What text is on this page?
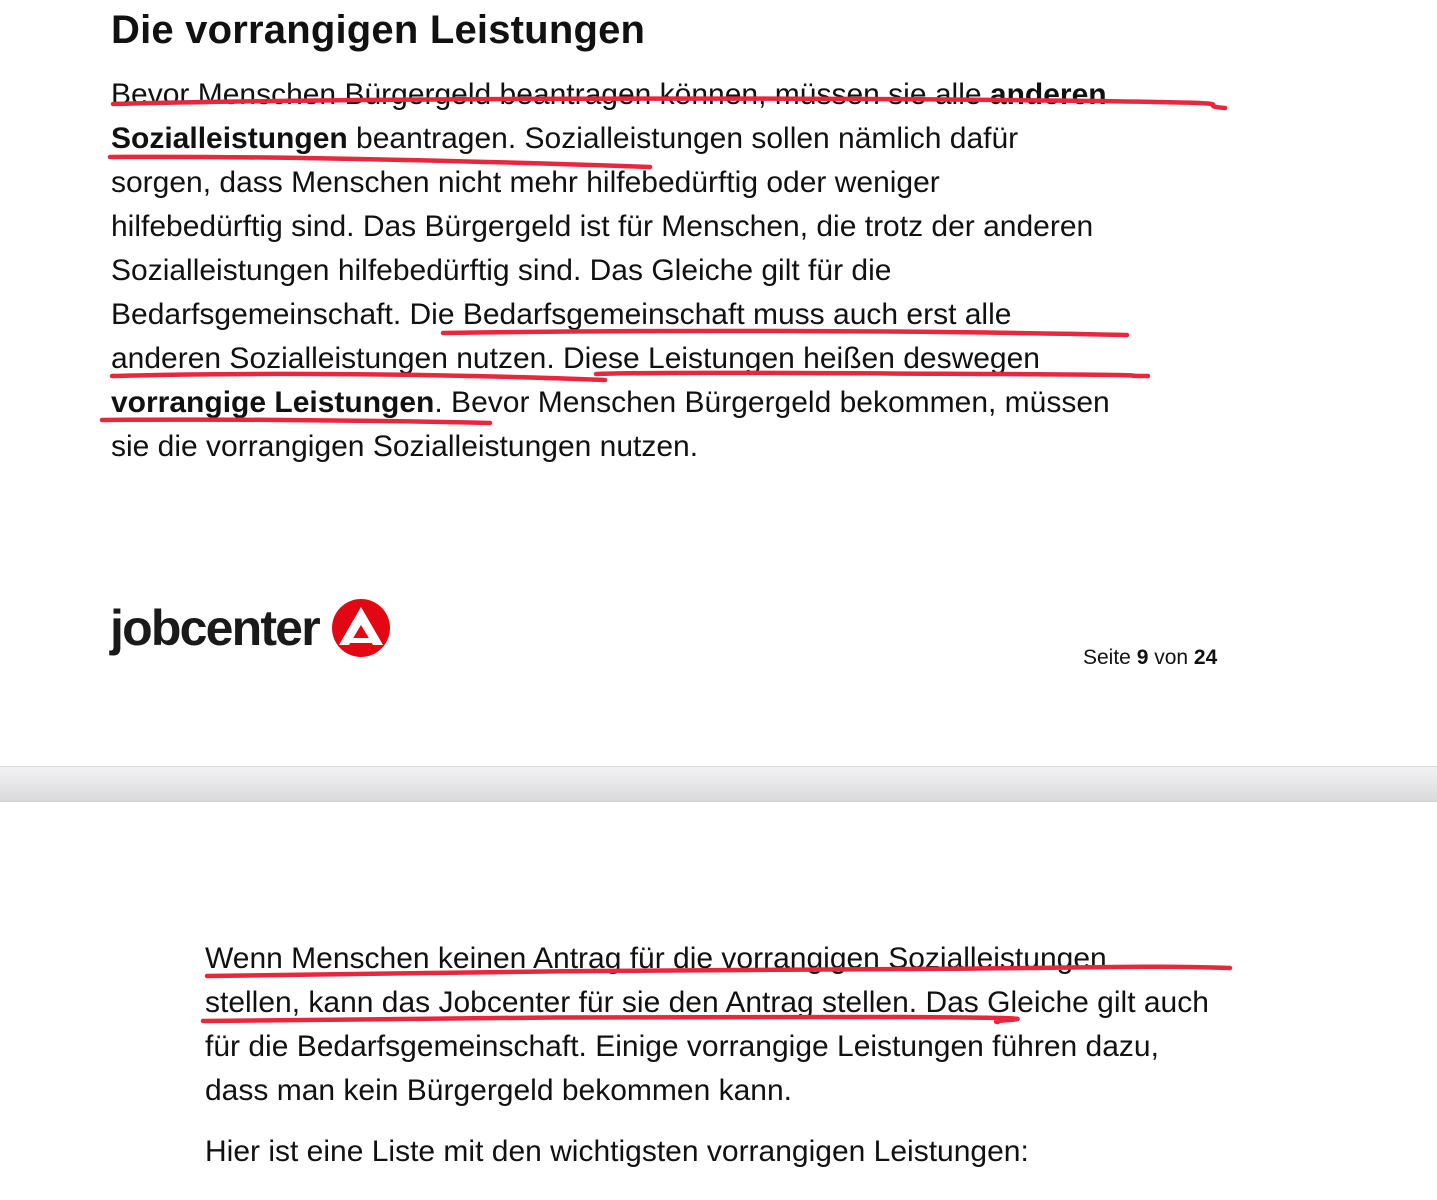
Die vorrangigen Leistungen

Bevor Menschen Bürgergeld beantragen können, müssen sie alle anderen
Sozialleistungen beantragen. Sozialleistungen sollen nämlich dafür
sorgen, dass Menschen nicht mehr hilfebedürftig oder weniger
hilfebedürftig sind. Das Bürgergeld ist für Menschen, die trotz der anderen
Sozialleistungen hilfebedürftig sind. Das Gleiche gilt für die
Bedarfsgemeinschaft. Die Bedarfsgemeinschaft muss auch erst alle
anderen Sozialleistungen nutzen. Diese Leistungen heißen deswegen
vorrangige Leistungen. Bevor Menschen Bürgergeld bekommen, müssen
sie die vorrangigen Sozialleistungen nutzen.

jobcenter
Seite 9 von 24

Wenn Menschen keinen Antrag für die vorrangigen Sozialleistungen
stellen, kann das Jobcenter für sie den Antrag stellen. Das Gleiche gilt auch
für die Bedarfsgemeinschaft. Einige vorrangige Leistungen führen dazu,
dass man kein Bürgergeld bekommen kann.

Hier ist eine Liste mit den wichtigsten vorrangigen Leistungen:
